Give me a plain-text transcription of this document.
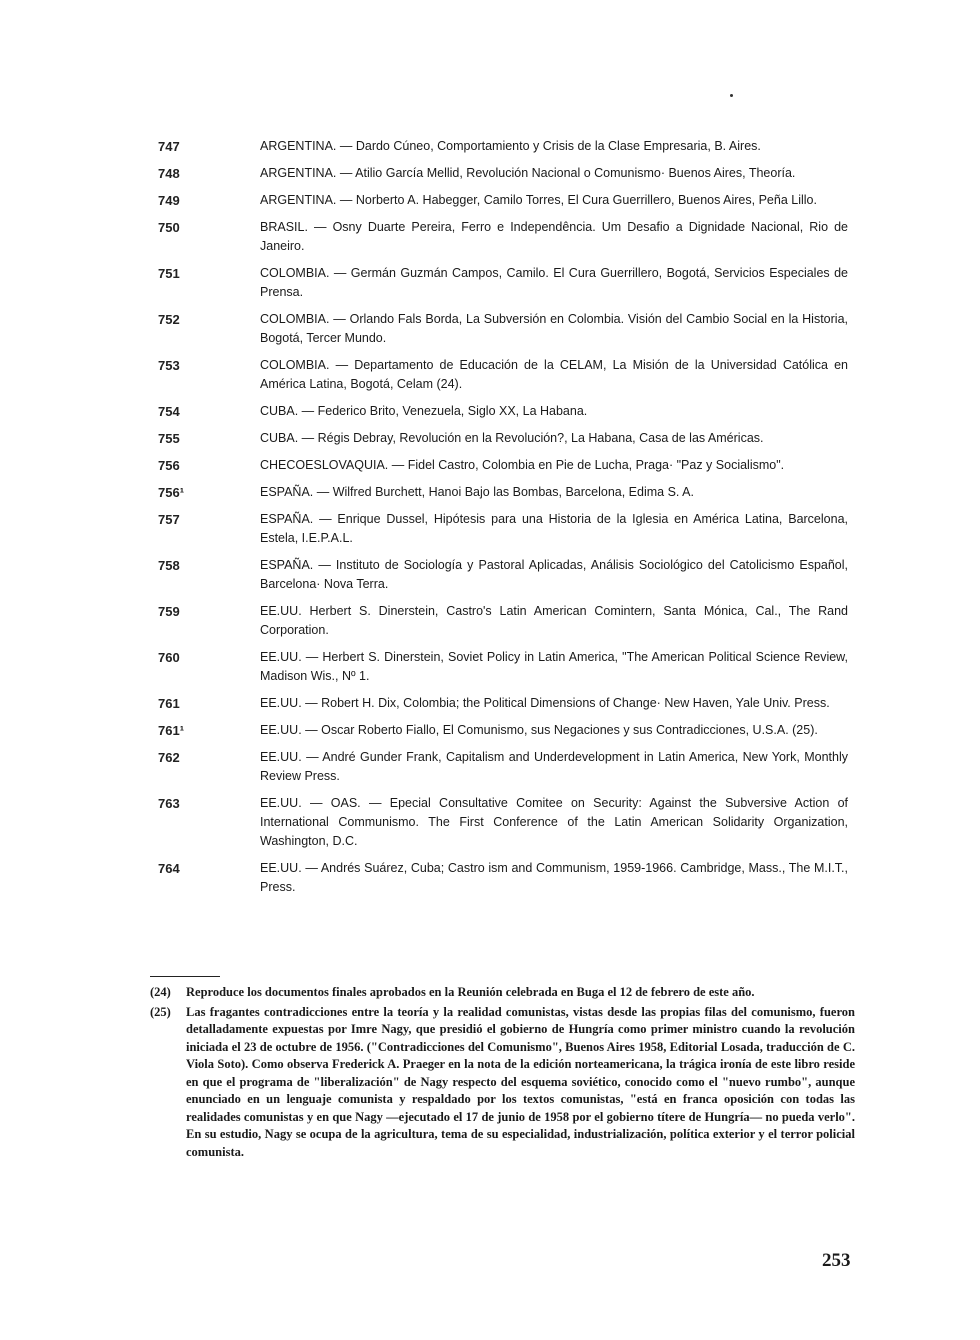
747	ARGENTINA. — Dardo Cúneo, Comportamiento y Crisis de la Clase Empresaria, B. Aires.
748	ARGENTINA. — Atilio García Mellid, Revolución Nacional o Comunismo· Buenos Aires, Theoría.
749	ARGENTINA. — Norberto A. Habegger, Camilo Torres, El Cura Guerrillero, Buenos Aires, Peña Lillo.
750	BRASIL. — Osny Duarte Pereira, Ferro e Independência. Um Desafio a Dignidade Nacional, Rio de Janeiro.
751	COLOMBIA. — Germán Guzmán Campos, Camilo. El Cura Guerrillero, Bogotá, Servicios Especiales de Prensa.
752	COLOMBIA. — Orlando Fals Borda, La Subversión en Colombia. Visión del Cambio Social en la Historia, Bogotá, Tercer Mundo.
753	COLOMBIA. — Departamento de Educación de la CELAM, La Misión de la Universidad Católica en América Latina, Bogotá, Celam (24).
754	CUBA. — Federico Brito, Venezuela, Siglo XX, La Habana.
755	CUBA. — Régis Debray, Revolución en la Revolución?, La Habana, Casa de las Américas.
756	CHECOESLOVAQUIA. — Fidel Castro, Colombia en Pie de Lucha, Praga· "Paz y Socialismo".
756¹	ESPAÑA. — Wilfred Burchett, Hanoi Bajo las Bombas, Barcelona, Edima S. A.
757	ESPAÑA. — Enrique Dussel, Hipótesis para una Historia de la Iglesia en América Latina, Barcelona, Estela, I.E.P.A.L.
758	ESPAÑA. — Instituto de Sociología y Pastoral Aplicadas, Análisis Sociológico del Catolicismo Español, Barcelona· Nova Terra.
759	EE.UU. Herbert S. Dinerstein, Castro's Latin American Comintern, Santa Mónica, Cal., The Rand Corporation.
760	EE.UU. — Herbert S. Dinerstein, Soviet Policy in Latin America, "The American Political Science Review, Madison Wis., Nº 1.
761	EE.UU. — Robert H. Dix, Colombia; the Political Dimensions of Change· New Haven, Yale Univ. Press.
761¹	EE.UU. — Oscar Roberto Fiallo, El Comunismo, sus Negaciones y sus Contradicciones, U.S.A. (25).
762	EE.UU. — André Gunder Frank, Capitalism and Underdevelopment in Latin America, New York, Monthly Review Press.
763	EE.UU. — OAS. — Epecial Consultative Comitee on Security: Against the Subversive Action of International Communismo. The First Conference of the Latin American Solidarity Organization, Washington, D.C.
764	EE.UU. — Andrés Suárez, Cuba; Castro ism and Communism, 1959-1966. Cambridge, Mass., The M.I.T., Press.
(24)	Reproduce los documentos finales aprobados en la Reunión celebrada en Buga el 12 de febrero de este año.
(25)	Las fragantes contradicciones entre la teoría y la realidad comunistas, vistas desde las propias filas del comunismo, fueron detalladamente expuestas por Imre Nagy, que presidió el gobierno de Hungría como primer ministro cuando la revolución iniciada el 23 de octubre de 1956. ("Contradicciones del Comunismo", Buenos Aires 1958, Editorial Losada, traducción de C. Viola Soto). Como observa Frederick A. Praeger en la nota de la edición norteamericana, la trágica ironía de este libro reside en que el programa de "liberalización" de Nagy respecto del esquema soviético, conocido como el "nuevo rumbo", aunque enunciado en un lenguaje comunista y respaldado por los textos comunistas, "está en franca oposición con todas las realidades comunistas y en que Nagy —ejecutado el 17 de junio de 1958 por el gobierno títere de Hungría— no pueda verlo". En su estudio, Nagy se ocupa de la agricultura, tema de su especialidad, industrialización, política exterior y el terror policial comunista.
253
